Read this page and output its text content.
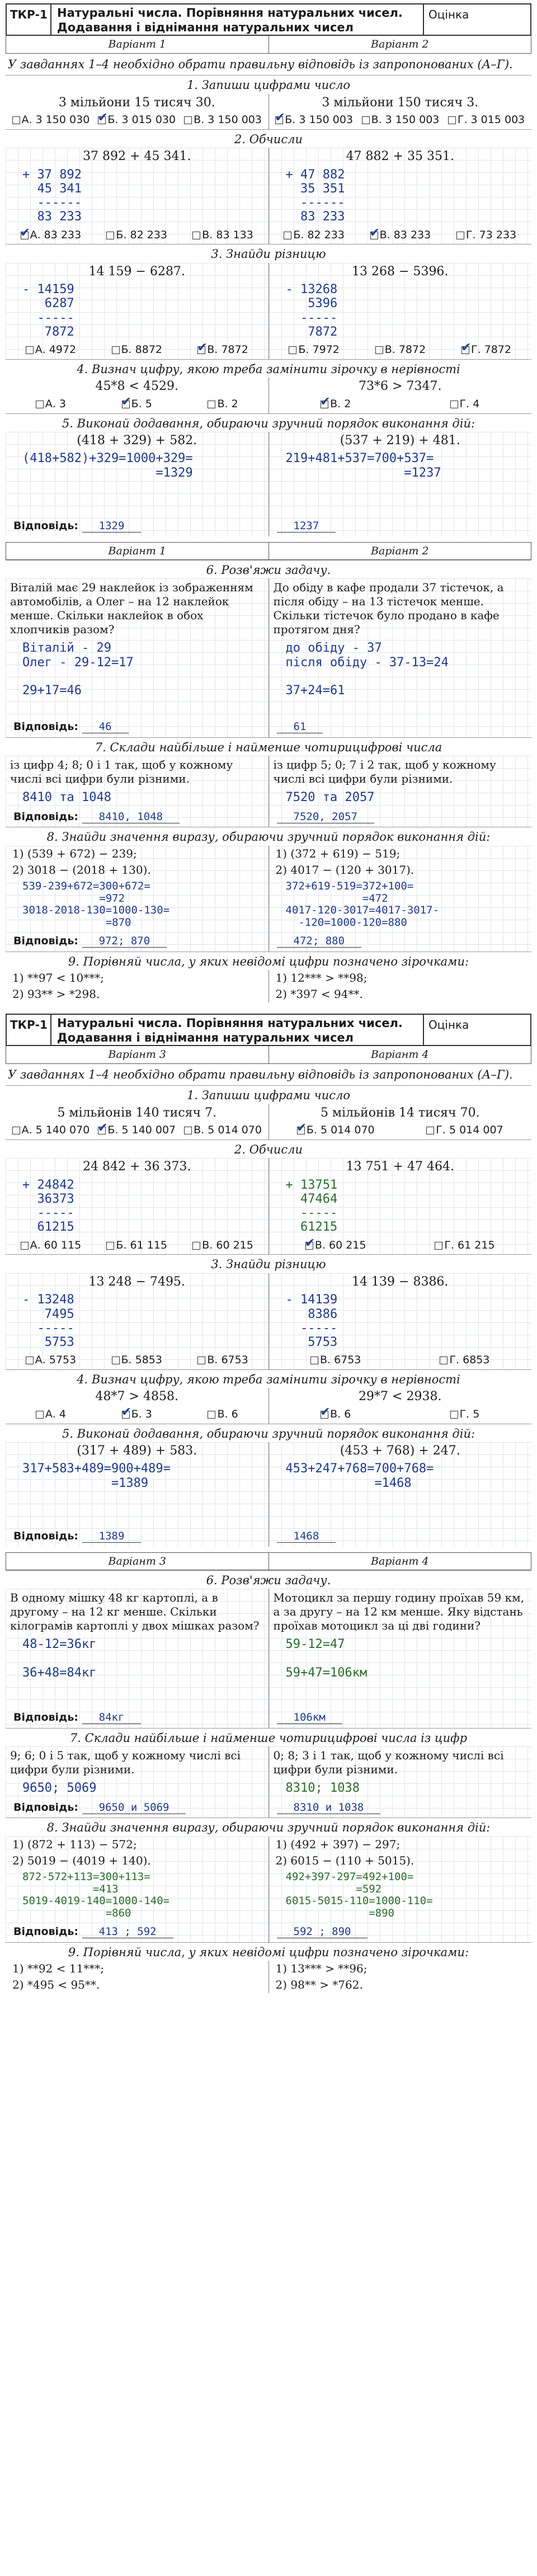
ТКР-1 Натуральні числа. Порівняння натуральних чисел.
Додавання і віднімання натуральних чисел
Оцінка
Варіант 1	Варіант 2
У завданнях 1–4 необхідно обрати правильну відповідь із запропонованих (А–Г).
1. Запиши цифрами число
3 мільйони 15 тисяч 30.
А. 3 150 030 ✔ Б. 3 015 030 В. 3 150 003
3 мільйони 150 тисяч 3.
✔
Б. 3 150 003 В. 3 150 003 Г. 3 015 003
2. Обчисли
37 892 + 45 341.
+ 37 892
45 341
------
83 233
✔
А. 83 233	Б. 82 233	В. 83 133
47 882 + 35 351.
+ 47 882
35 351
------
83 233
Б. 82 233 ✔	В. 83 233	Г. 73 233
3. Знайди різницю
14 159 − 6287.
- 14159
6287
-----
7872
А. 4972	Б. 8872 ✔	В. 7872
13 268 − 5396.
- 13268
5396
-----
7872
Б. 7972	В. 7872 ✔	Г. 7872
4. Визнач цифру, якою треба замінити зірочку в нерівності
45*8 < 4529.
А. 3 ✔	Б. 5	В. 2
73*6 > 7347.
✔
В. 2	Г. 4
5. Виконай додавання, обираючи зручний порядок виконання дій:
(418 + 329) + 582.
(418+582)+329=1000+329=
=1329
Відповідь: 1329
(537 + 219) + 481.
219+481+537=700+537=
=1237
1237
Варіант 1	Варіант 2
6. Розв'яжи задачу.
Віталій має 29 наклейок із зображенням автомобілів, а Олег – на 12 наклейок менше. Скільки наклейок в обох хлопчиків разом?
Віталій - 29
Олег - 29-12=17

29+17=46
Відповідь: 46
До обіду в кафе продали 37 тістечок, а після обіду – на 13 тістечок менше. Скільки тістечок було продано в кафе протягом дня?
до обіду - 37
після обіду - 37-13=24

37+24=61
61
7. Склади найбільше і найменше чотирицифрові числа
із цифр 4; 8; 0 і 1 так, щоб у кожному числі всі цифри були різними.
8410 та 1048
Відповідь: 8410, 1048
із цифр 5; 0; 7 і 2 так, щоб у кожному числі всі цифри були різними.
7520 та 2057
7520, 2057
8. Знайди значення виразу, обираючи зручний порядок виконання дій:
1) (539 + 672) − 239;
2) 3018 − (2018 + 130).
539-239+672=300+672=
=972
3018-2018-130=1000-130=
=870
Відповідь: 972; 870
1) (372 + 619) − 519;
2) 4017 − (120 + 3017).
372+619-519=372+100=
=472
4017-120-3017=4017-3017-
-120=1000-120=880
472; 880
9. Порівняй числа, у яких невідомі цифри позначено зірочками:
1) **97 < 10***;
2) 93** > *298.
1) 12*** > **98;
2) *397 < 94**.
ТКР-1 Натуральні числа. Порівняння натуральних чисел.
Додавання і віднімання натуральних чисел
Оцінка
Варіант 3	Варіант 4
У завданнях 1–4 необхідно обрати правильну відповідь із запропонованих (А–Г).
1. Запиши цифрами число
5 мільйонів 140 тисяч 7.
А. 5 140 070 ✔ Б. 5 140 007 В. 5 014 070
5 мільйонів 14 тисяч 70.
✔
Б. 5 014 070	Г. 5 014 007
2. Обчисли
24 842 + 36 373.
+ 24842
36373
-----
61215
А. 60 115	Б. 61 115	В. 60 215
13 751 + 47 464.
+ 13751
47464
-----
61215
✔
В. 60 215	Г. 61 215
3. Знайди різницю
13 248 − 7495.
- 13248
7495
-----
5753
А. 5753	Б. 5853	В. 6753
14 139 − 8386.
- 14139
8386
-----
5753
В. 6753	Г. 6853
4. Визнач цифру, якою треба замінити зірочку в нерівності
48*7 > 4858.
А. 4 ✔	Б. 3	В. 6
29*7 < 2938.
✔
В. 6	Г. 5
5. Виконай додавання, обираючи зручний порядок виконання дій:
(317 + 489) + 583.
317+583+489=900+489=
=1389
Відповідь: 1389
(453 + 768) + 247.
453+247+768=700+768=
=1468
1468
Варіант 3	Варіант 4
6. Розв'яжи задачу.
В одному мішку 48 кг картоплі, а в другому – на 12 кг менше. Скільки кілограмів картоплі у двох мішках разом?
48-12=36кг

36+48=84кг
Відповідь: 84кг
Мотоцикл за першу годину проїхав 59 км, а за другу – на 12 км менше. Яку відстань проїхав мотоцикл за ці дві години?
59-12=47

59+47=106км
106км
7. Склади найбільше і найменше чотирицифрові числа із цифр
9; 6; 0 і 5 так, щоб у кожному числі всі цифри були різними.
9650; 5069
Відповідь: 9650 и 5069
0; 8; 3 і 1 так, щоб у кожному числі всі цифри були різними.
8310; 1038
8310 и 1038
8. Знайди значення виразу, обираючи зручний порядок виконання дій:
1) (872 + 113) − 572;
2) 5019 − (4019 + 140).
872-572+113=300+113=
=413
5019-4019-140=1000-140=
=860
Відповідь: 413 ; 592
1) (492 + 397) − 297;
2) 6015 − (110 + 5015).
492+397-297=492+100=
=592
6015-5015-110=1000-110=
=890
592 ; 890
9. Порівняй числа, у яких невідомі цифри позначено зірочками:
1) **92 < 11***;
2) *495 < 95**.
1) 13*** > **96;
2) 98** > *762.
